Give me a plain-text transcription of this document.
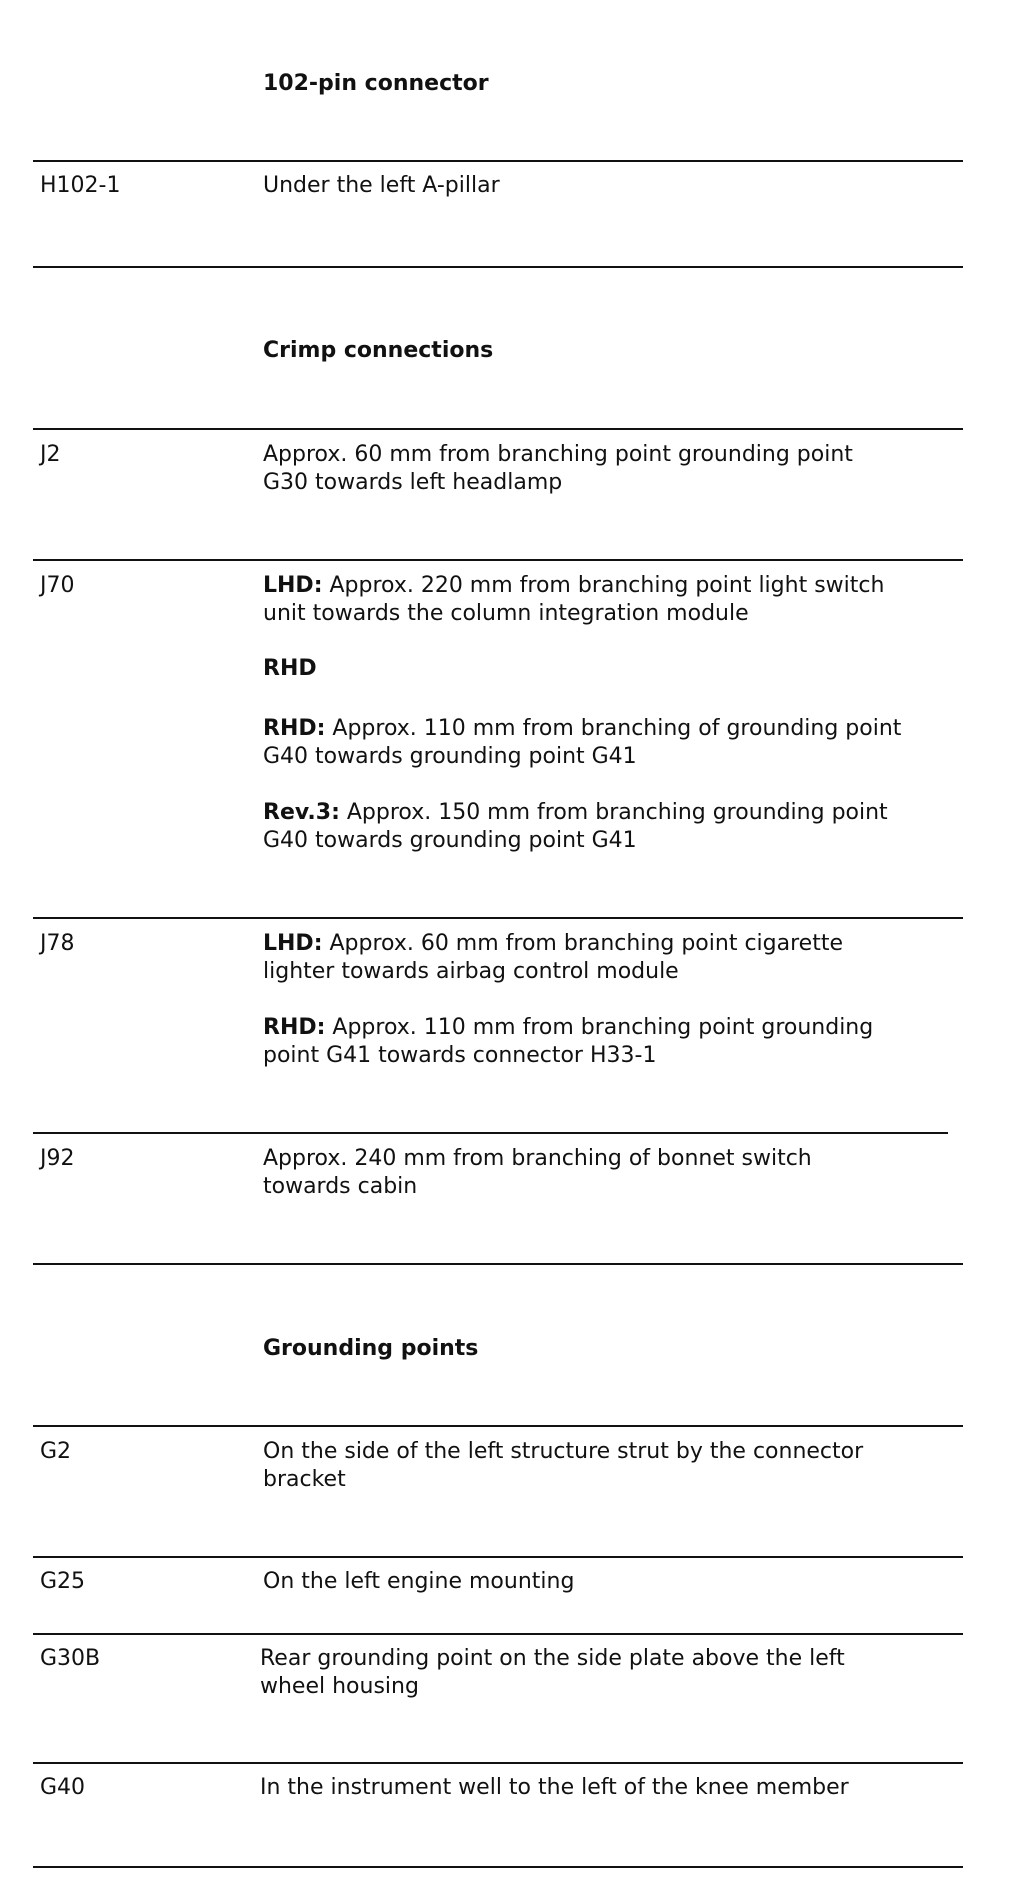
102-pin connector
H102-1	Under the left A-pillar
Crimp connections
J2	Approx. 60 mm from branching point grounding point
G30 towards left headlamp
J70	LHD: Approx. 220 mm from branching point light switch
unit towards the column integration module
RHD
RHD: Approx. 110 mm from branching of grounding point
G40 towards grounding point G41
Rev.3: Approx. 150 mm from branching grounding point
G40 towards grounding point G41
J78	LHD: Approx. 60 mm from branching point cigarette
lighter towards airbag control module
RHD: Approx. 110 mm from branching point grounding
point G41 towards connector H33-1
J92	Approx. 240 mm from branching of bonnet switch
towards cabin
Grounding points
G2	On the side of the left structure strut by the connector
bracket
G25	On the left engine mounting
G30B	Rear grounding point on the side plate above the left
wheel housing
G40	In the instrument well to the left of the knee member
